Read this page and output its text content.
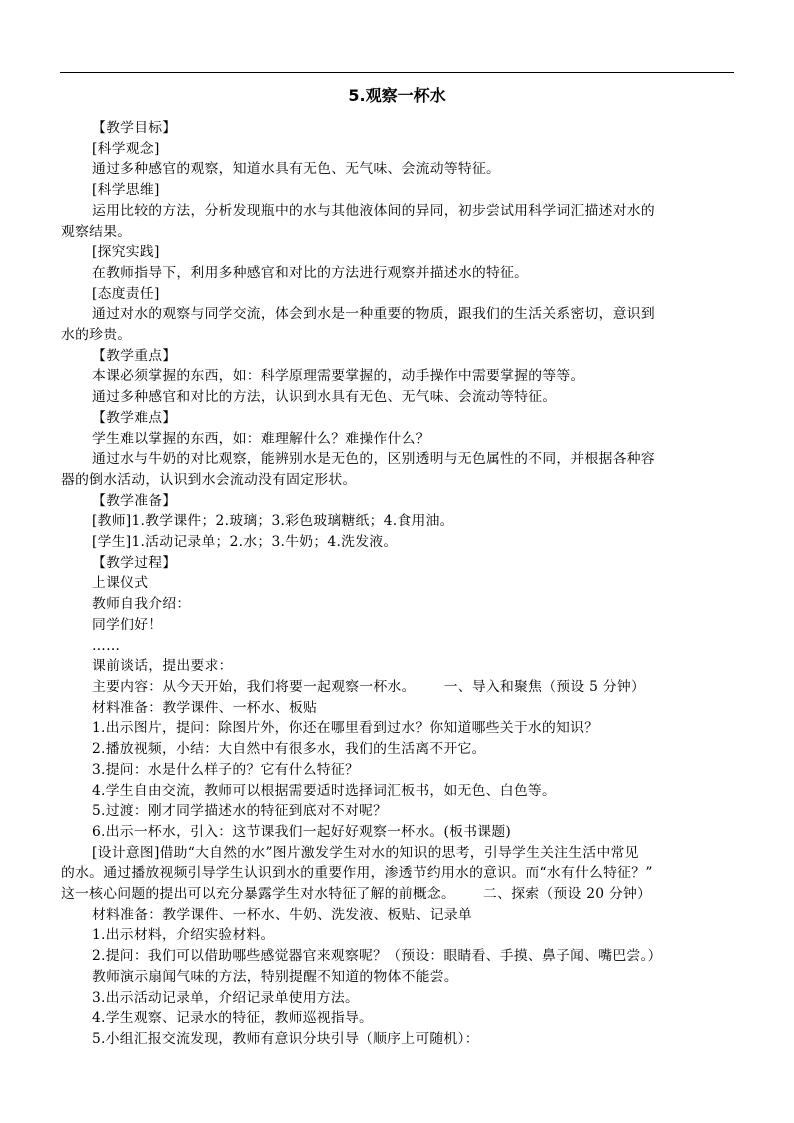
5.观察一杯水
【教学目标】
[科学观念]
通过多种感官的观察，知道水具有无色、无气味、会流动等特征。
[科学思维]
运用比较的方法，分析发现瓶中的水与其他液体间的异同，初步尝试用科学词汇描述对水的
观察结果。
[探究实践]
在教师指导下，利用多种感官和对比的方法进行观察并描述水的特征。
[态度责任]
通过对水的观察与同学交流，体会到水是一种重要的物质，跟我们的生活关系密切，意识到
水的珍贵。
【教学重点】
本课必须掌握的东西，如：科学原理需要掌握的，动手操作中需要掌握的等等。
通过多种感官和对比的方法，认识到水具有无色、无气味、会流动等特征。
【教学难点】
学生难以掌握的东西，如：难理解什么？难操作什么？
通过水与牛奶的对比观察，能辨别水是无色的，区别透明与无色属性的不同，并根据各种容
器的倒水活动，认识到水会流动没有固定形状。
【教学准备】
[教师]1.教学课件；2.玻璃；3.彩色玻璃糖纸；4.食用油。
[学生]1.活动记录单；2.水；3.牛奶；4.洗发液。
【教学过程】
上课仪式
教师自我介绍：
同学们好！
……
课前谈话，提出要求：
主要内容：从今天开始，我们将要一起观察一杯水。 一、导入和聚焦（预设 5 分钟）
材料准备：教学课件、一杯水、板贴
1.出示图片，提问：除图片外，你还在哪里看到过水？你知道哪些关于水的知识？
2.播放视频，小结：大自然中有很多水，我们的生活离不开它。
3.提问：水是什么样子的？它有什么特征？
4.学生自由交流，教师可以根据需要适时选择词汇板书，如无色、白色等。
5.过渡：刚才同学描述水的特征到底对不对呢？
6.出示一杯水，引入：这节课我们一起好好观察一杯水。(板书课题)
[设计意图]借助“大自然的水”图片激发学生对水的知识的思考，引导学生关注生活中常见
的水。通过播放视频引导学生认识到水的重要作用，渗透节约用水的意识。而“水有什么特征？”
这一核心问题的提出可以充分暴露学生对水特征了解的前概念。 二、探索（预设 20 分钟）
材料准备：教学课件、一杯水、牛奶、洗发液、板贴、记录单
1.出示材料，介绍实验材料。
2.提问：我们可以借助哪些感觉器官来观察呢？（预设：眼睛看、手摸、鼻子闻、嘴巴尝。）
教师演示扇闻气味的方法，特别提醒不知道的物体不能尝。
3.出示活动记录单，介绍记录单使用方法。
4.学生观察、记录水的特征，教师巡视指导。
5.小组汇报交流发现，教师有意识分块引导（顺序上可随机）：
